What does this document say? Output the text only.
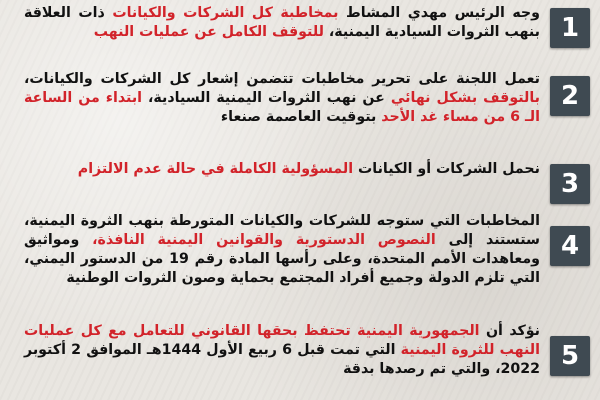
1
وجه الرئيس مهدي المشاط بمخاطبة كل الشركات والكيانات ذات العلاقة بنهب الثروات السيادية اليمنية، للتوقف الكامل عن عمليات النهب
2
تعمل اللجنة على تحرير مخاطبات تتضمن إشعار كل الشركات والكيانات، بالتوقف بشكل نهائي عن نهب الثروات اليمنية السيادية، ابتداء من الساعة الـ 6 من مساء غد الأحد بتوقيت العاصمة صنعاء
3
نحمل الشركات أو الكيانات المسؤولية الكاملة في حالة عدم الالتزام
4
المخاطبات التي ستوجه للشركات والكيانات المتورطة بنهب الثروة اليمنية، ستستند إلى النصوص الدستورية والقوانين اليمنية النافذة، ومواثيق ومعاهدات الأمم المتحدة، وعلى رأسها المادة رقم 19 من الدستور اليمني، التي تلزم الدولة وجميع أفراد المجتمع بحماية وصون الثروات الوطنية
5
نؤكد أن الجمهورية اليمنية تحتفظ بحقها القانوني للتعامل مع كل عمليات النهب للثروة اليمنية التي تمت قبل 6 ربيع الأول 1444هـ الموافق 2 أكتوبر 2022، والتي تم رصدها بدقة
